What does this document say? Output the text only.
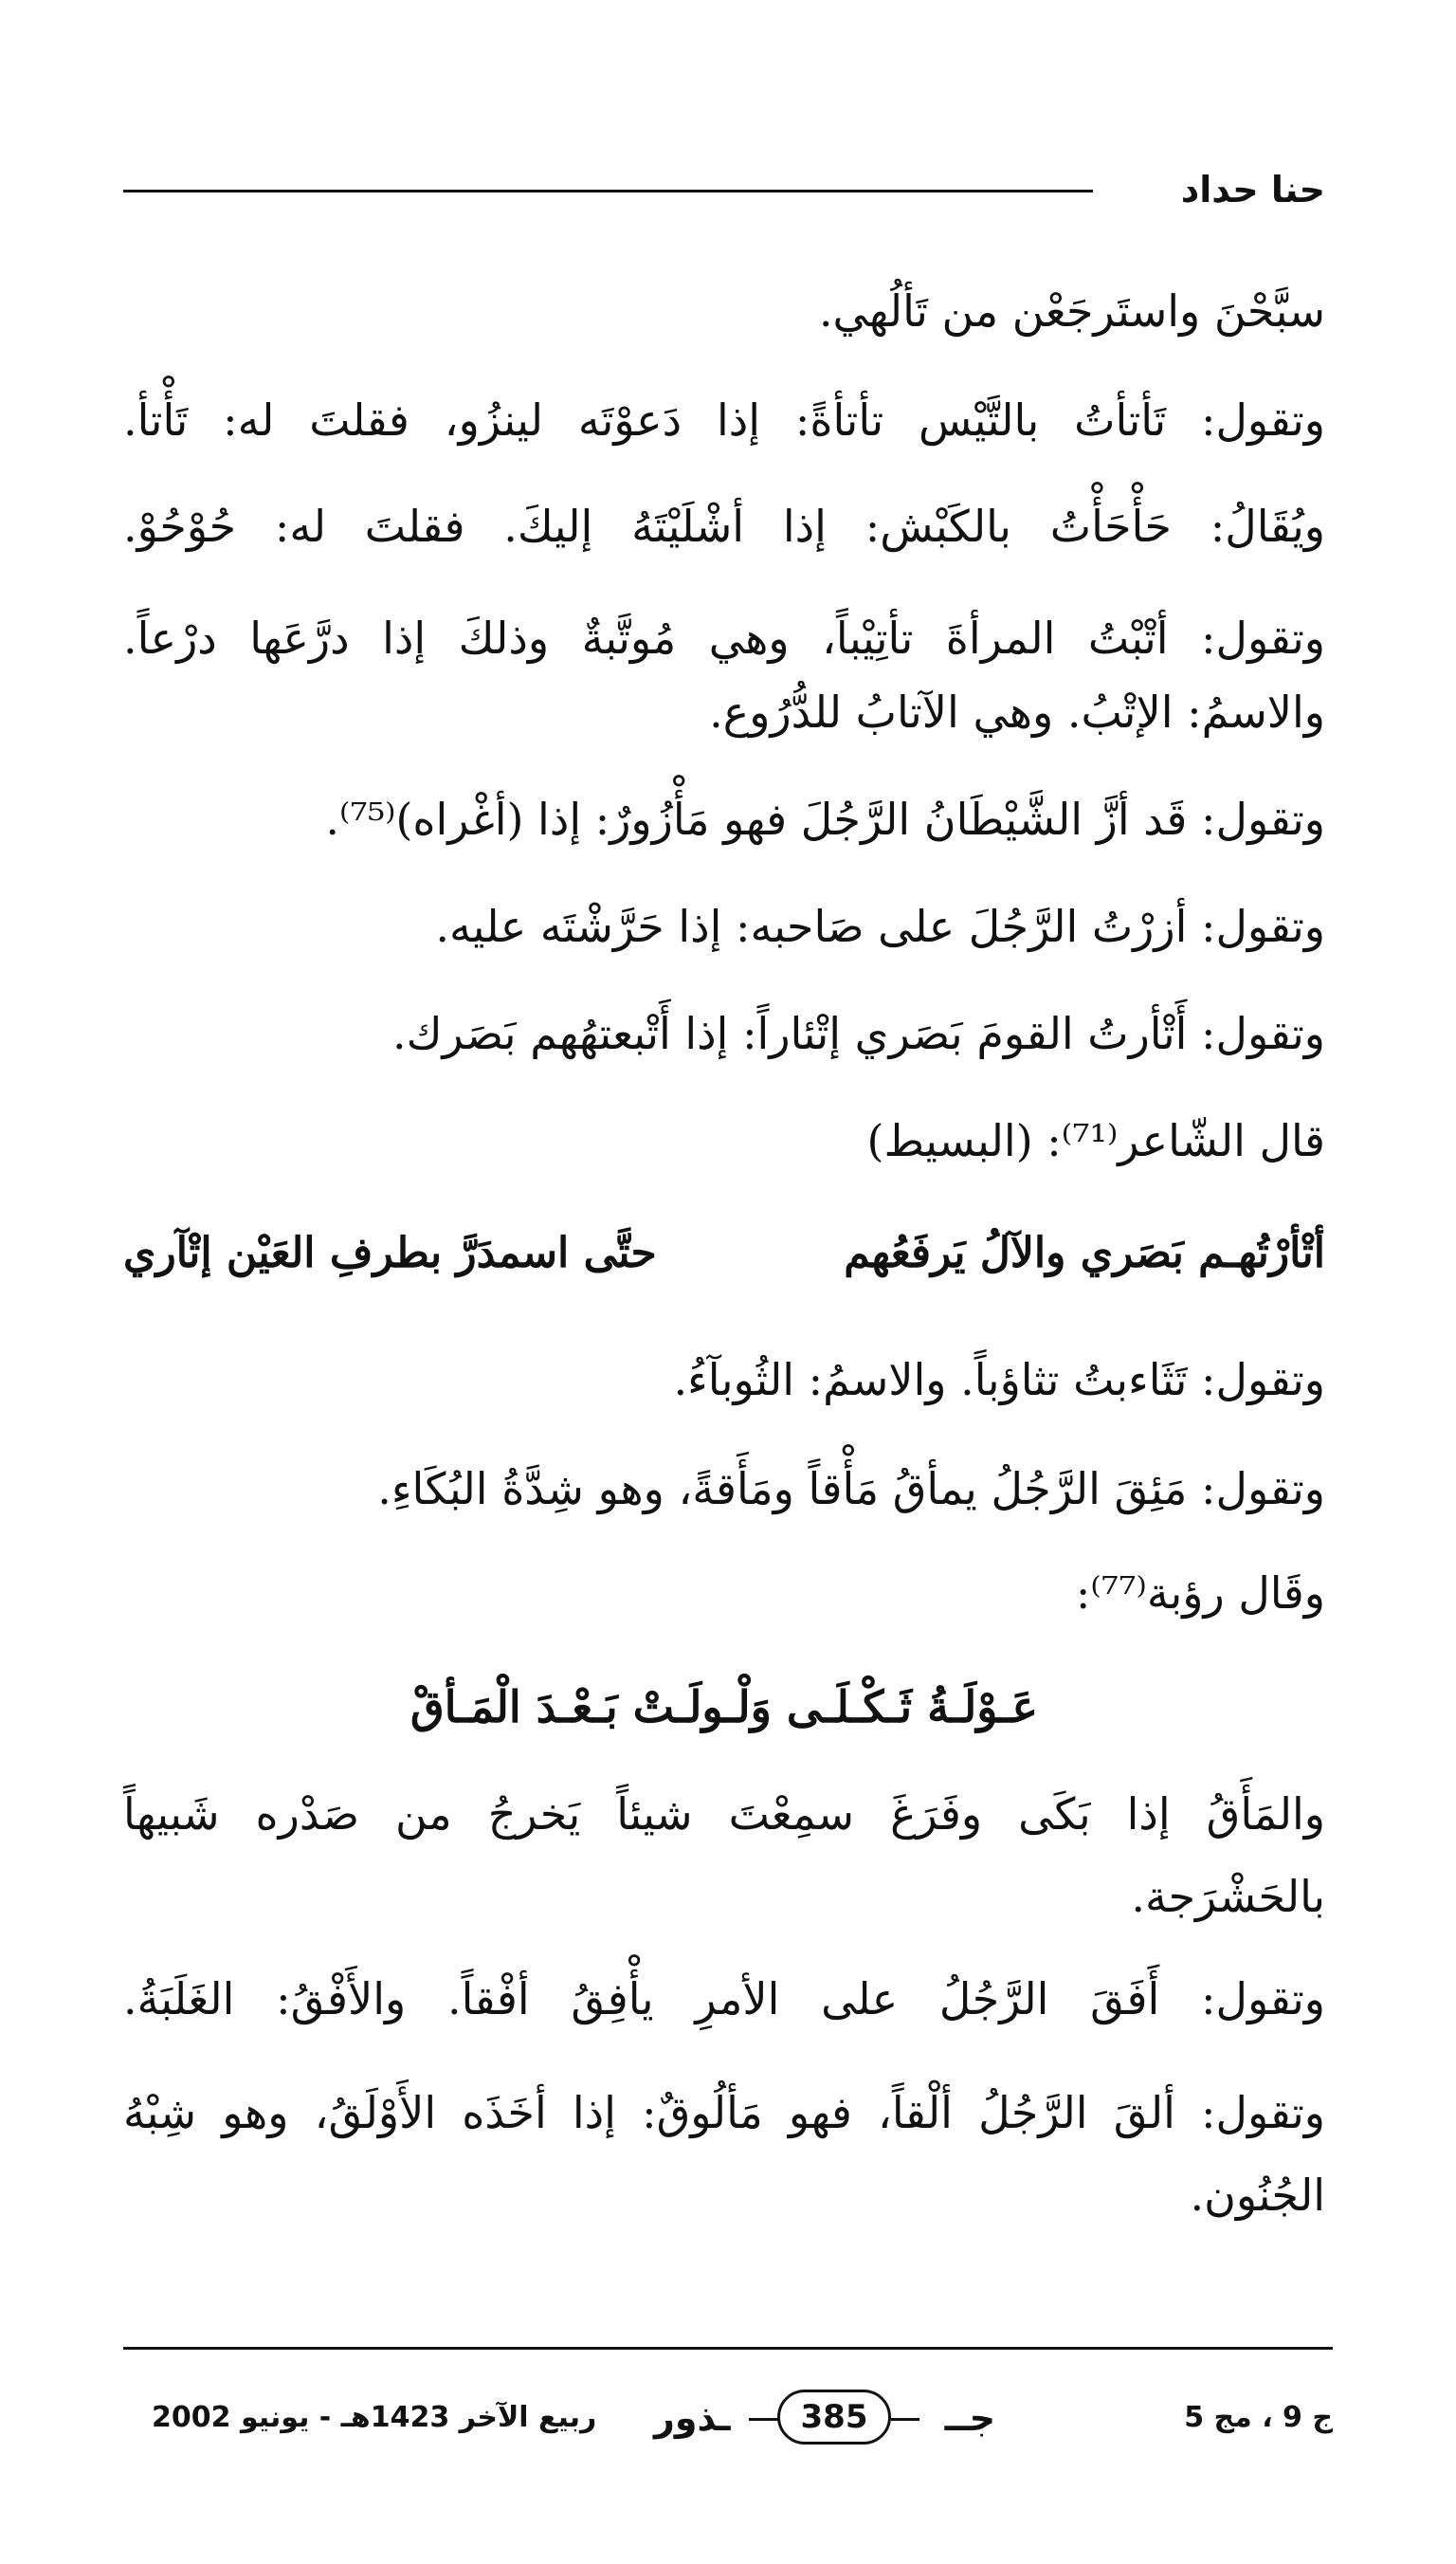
حنا حداد
سبَّحْنَ واستَرجَعْن من تَألُهي.
وتقول: تَأتأتُ بالتَّيْس تأتأةً: إذا دَعوْتَه لينزُو، فقلتَ له: تَأْتأ.
ويُقَالُ: حَأْحَأْتُ بالكَبْش: إذا أشْلَيْتَهُ إليكَ. فقلتَ له: حُوْحُوْ.
وتقول: أتْبْتُ المرأةَ تأتِيْباً، وهي مُوتَّبةٌ وذلكَ إذا درَّعَها درْعاً.
والاسمُ: الإتْبُ. وهي الآتابُ للدُّرُوع.
وتقول: قَد أزَّ الشَّيْطَانُ الرَّجُلَ فهو مَأْزُورٌ: إذا (أغْراه)⁽⁷⁵⁾.
وتقول: أزرْتُ الرَّجُلَ على صَاحبه: إذا حَرَّشْتَه عليه.
وتقول: أَتْأرتُ القومَ بَصَري إتْئاراً: إذا أَتْبعتهُهم بَصَرك.
قال الشّاعر⁽⁷¹⁾: (البسيط)
أتْأرْتُهـم بَصَري والآلُ يَرفَعُهم
حتَّى اسمدَرَّ بطرفِ العَيْن إتْآري
وتقول: تَثَاءبتُ تثاؤباً. والاسمُ: الثُوبآءُ.
وتقول: مَئِقَ الرَّجُلُ يمأقُ مَأْقاً ومَأَقةً، وهو شِدَّةُ البُكَاءِ.
وقَال رؤبة⁽⁷⁷⁾:
عَـوْلَـةُ ثَـكْـلَـى وَلْـولَـتْ بَـعْـدَ الْمَـأقْ
والمَأَقُ إذا بَكَى وفَرَغَ سمِعْتَ شيئاً يَخرجُ من صَدْره شَبيهاً
بالحَشْرَجة.
وتقول: أَفَقَ الرَّجُلُ على الأمرِ يأْفِقُ أفْقاً. والأَفْقُ: الغَلَبَةُ.
وتقول: ألقَ الرَّجُلُ ألْقاً، فهو مَألُوقٌ: إذا أخَذَه الأَوْلَقُ، وهو شِبْهُ
الجُنُون.
ج 9 ، مج 5
جــ
ـذور	385
ربيع الآخر 1423هـ - يونيو 2002
